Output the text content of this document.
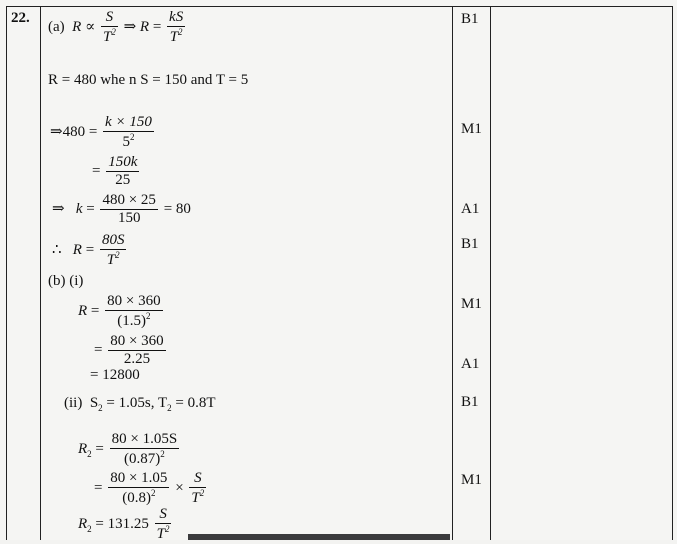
22.
(a)  $R \propto \frac{S}{T^2}$ ⇒ $R = \frac{kS}{T^2}$
R = 480 whe n S = 150 and T = 5
⇒480 = $\frac{k \times 150}{5^2}$
= $\frac{150k}{25}$
⇒   $k = \frac{480 \times 25}{150} = 80$
∴   $R = \frac{80S}{T^2}$
(b) (i)
$R = \frac{80 \times 360}{(1.5)^2}$
= $\frac{80 \times 360}{2.25}$
= 12800
(ii)  $S_2 = 1.05s$, $T_2 = 0.8T$
$R_2 = \frac{80 \times 1.05S}{(0.87)^2}$
= $\frac{80 \times 1.05}{(0.8)^2} \times \frac{S}{T^2}$
$R_2 = 131.25 \frac{S}{T^2}$
B1
M1
A1
B1
M1
A1
B1
M1
